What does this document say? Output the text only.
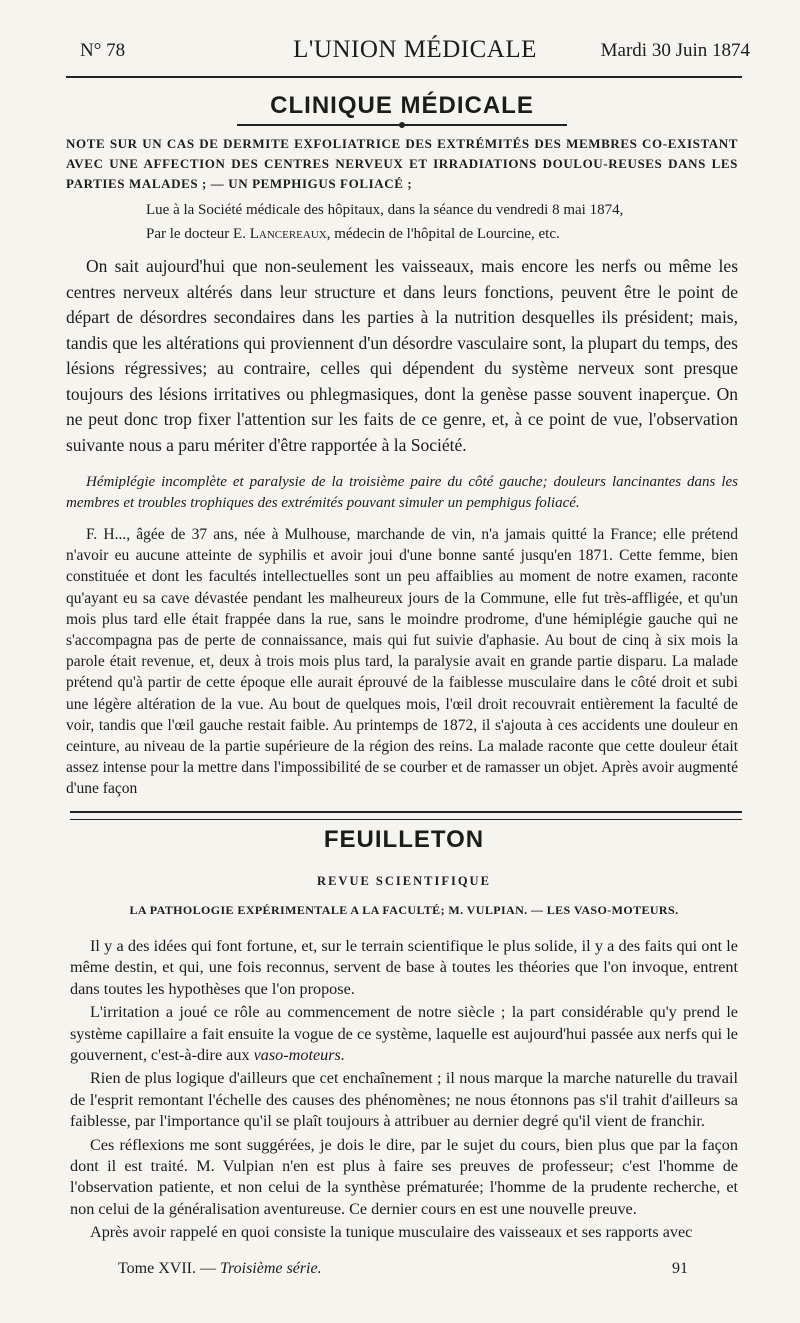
N° 78	L'UNION MÉDICALE	Mardi 30 Juin 1874
CLINIQUE MÉDICALE

NOTE SUR UN CAS DE DERMITE EXFOLIATRICE DES EXTRÉMITÉS DES MEMBRES CO-EXISTANT AVEC UNE AFFECTION DES CENTRES NERVEUX ET IRRADIATIONS DOULOU-REUSES DANS LES PARTIES MALADES ; — UN PEMPHIGUS FOLIACÉ ;

Lue à la Société médicale des hôpitaux, dans la séance du vendredi 8 mai 1874,

Par le docteur E. Lancereaux, médecin de l'hôpital de Lourcine, etc.

On sait aujourd'hui que non-seulement les vaisseaux, mais encore les nerfs ou même les centres nerveux altérés dans leur structure et dans leurs fonctions, peuvent être le point de départ de désordres secondaires dans les parties à la nutrition desquelles ils président; mais, tandis que les altérations qui proviennent d'un désordre vasculaire sont, la plupart du temps, des lésions régressives; au contraire, celles qui dépendent du système nerveux sont presque toujours des lésions irritatives ou phlegmasiques, dont la genèse passe souvent inaperçue. On ne peut donc trop fixer l'attention sur les faits de ce genre, et, à ce point de vue, l'observation suivante nous a paru mériter d'être rapportée à la Société.

Hémiplégie incomplète et paralysie de la troisième paire du côté gauche; douleurs lancinantes dans les membres et troubles trophiques des extrémités pouvant simuler un pemphigus foliacé.

F. H..., âgée de 37 ans, née à Mulhouse, marchande de vin, n'a jamais quitté la France; elle prétend n'avoir eu aucune atteinte de syphilis et avoir joui d'une bonne santé jusqu'en 1871. Cette femme, bien constituée et dont les facultés intellectuelles sont un peu affaiblies au moment de notre examen, raconte qu'ayant eu sa cave dévastée pendant les malheureux jours de la Commune, elle fut très-affligée, et qu'un mois plus tard elle était frappée dans la rue, sans le moindre prodrome, d'une hémiplégie gauche qui ne s'accompagna pas de perte de connaissance, mais qui fut suivie d'aphasie. Au bout de cinq à six mois la parole était revenue, et, deux à trois mois plus tard, la paralysie avait en grande partie disparu. La malade prétend qu'à partir de cette époque elle aurait éprouvé de la faiblesse musculaire dans le côté droit et subi une légère altération de la vue. Au bout de quelques mois, l'œil droit recouvrait entièrement la faculté de voir, tandis que l'œil gauche restait faible. Au printemps de 1872, il s'ajouta à ces accidents une douleur en ceinture, au niveau de la partie supérieure de la région des reins. La malade raconte que cette douleur était assez intense pour la mettre dans l'impossibilité de se courber et de ramasser un objet. Après avoir augmenté d'une façon

FEUILLETON

REVUE SCIENTIFIQUE

LA PATHOLOGIE EXPÉRIMENTALE A LA FACULTÉ; M. VULPIAN. — LES VASO-MOTEURS.

Il y a des idées qui font fortune, et, sur le terrain scientifique le plus solide, il y a des faits qui ont le même destin, et qui, une fois reconnus, servent de base à toutes les théories que l'on invoque, entrent dans toutes les hypothèses que l'on propose.

L'irritation a joué ce rôle au commencement de notre siècle ; la part considérable qu'y prend le système capillaire a fait ensuite la vogue de ce système, laquelle est aujourd'hui passée aux nerfs qui le gouvernent, c'est-à-dire aux vaso-moteurs.

Rien de plus logique d'ailleurs que cet enchaînement ; il nous marque la marche naturelle du travail de l'esprit remontant l'échelle des causes des phénomènes; ne nous étonnons pas s'il trahit d'ailleurs sa faiblesse, par l'importance qu'il se plaît toujours à attribuer au dernier degré qu'il vient de franchir.

Ces réflexions me sont suggérées, je dois le dire, par le sujet du cours, bien plus que par la façon dont il est traité. M. Vulpian n'en est plus à faire ses preuves de professeur; c'est l'homme de l'observation patiente, et non celui de la synthèse prématurée; l'homme de la prudente recherche, et non celui de la généralisation aventureuse. Ce dernier cours en est une nouvelle preuve.

Après avoir rappelé en quoi consiste la tunique musculaire des vaisseaux et ses rapports avec

Tome XVII. — Troisième série.	91
